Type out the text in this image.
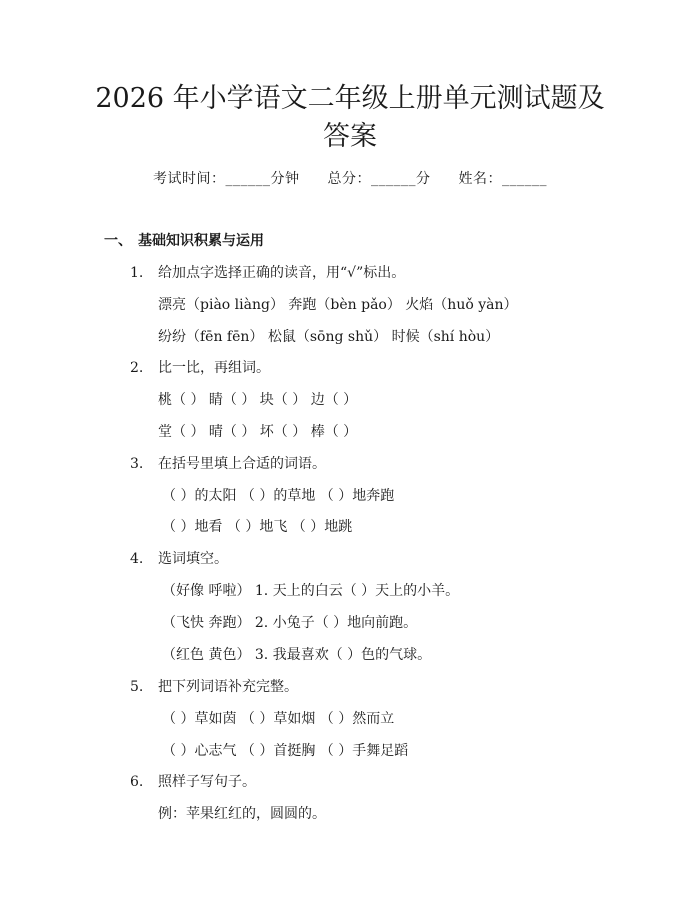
2026 年小学语文二年级上册单元测试题及答案
考试时间：______分钟 总分：______分 姓名：______
一、 基础知识积累与运用
1. 给加点字选择正确的读音，用“√”标出。
漂亮（piào liàng） 奔跑（bèn pǎo） 火焰（huǒ yàn）
纷纷（fēn fēn） 松鼠（sōng shǔ） 时候（shí hòu）
2. 比一比，再组词。
桃（ ） 睛（ ） 块（ ） 边（ ）
堂（ ） 晴（ ） 坏（ ） 棒（ ）
3. 在括号里填上合适的词语。
（ ）的太阳 （ ）的草地 （ ）地奔跑
（ ）地看 （ ）地飞 （ ）地跳
4. 选词填空。
（好像 呼啦） 1. 天上的白云（ ）天上的小羊。
（飞快 奔跑） 2. 小兔子（ ）地向前跑。
（红色 黄色） 3. 我最喜欢（ ）色的气球。
5. 把下列词语补充完整。
（ ）草如茵 （ ）草如烟 （ ）然而立
（ ）心志气 （ ）首挺胸 （ ）手舞足蹈
6. 照样子写句子。
例：苹果红红的，圆圆的。
